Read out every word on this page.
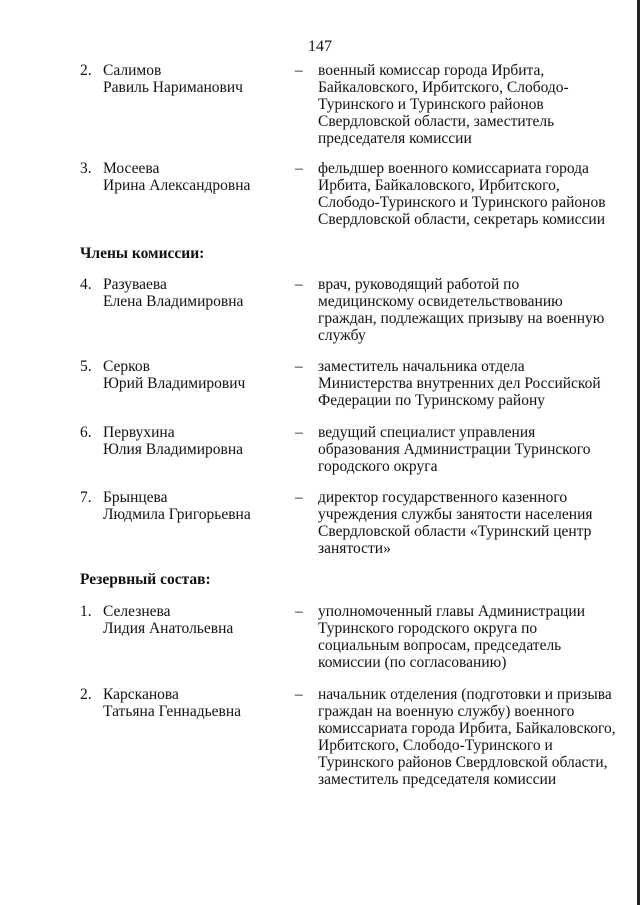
147
2. Салимов
Равиль Нариманович
– военный комиссар города Ирбита,
Байкаловского, Ирбитского, Слободо-
Туринского и Туринского районов
Свердловской области, заместитель
председателя комиссии
3. Мосеева
Ирина Александровна
– фельдшер военного комиссариата города
Ирбита, Байкаловского, Ирбитского,
Слободо-Туринского и Туринского районов
Свердловской области, секретарь комиссии
Члены комиссии:
4. Разуваева
Елена Владимировна
– врач, руководящий работой по
медицинскому освидетельствованию
граждан, подлежащих призыву на военную
службу
5. Серков
Юрий Владимирович
– заместитель начальника отдела
Министерства внутренних дел Российской
Федерации по Туринскому району
6. Первухина
Юлия Владимировна
– ведущий специалист управления
образования Администрации Туринского
городского округа
7. Брынцева
Людмила Григорьевна
– директор государственного казенного
учреждения службы занятости населения
Свердловской области «Туринский центр
занятости»
Резервный состав:
1. Селезнева
Лидия Анатольевна
– уполномоченный главы Администрации
Туринского городского округа по
социальным вопросам, председатель
комиссии (по согласованию)
2. Карсканова
Татьяна Геннадьевна
– начальник отделения (подготовки и призыва
граждан на военную службу) военного
комиссариата города Ирбита, Байкаловского,
Ирбитского, Слободо-Туринского и
Туринского районов Свердловской области,
заместитель председателя комиссии
